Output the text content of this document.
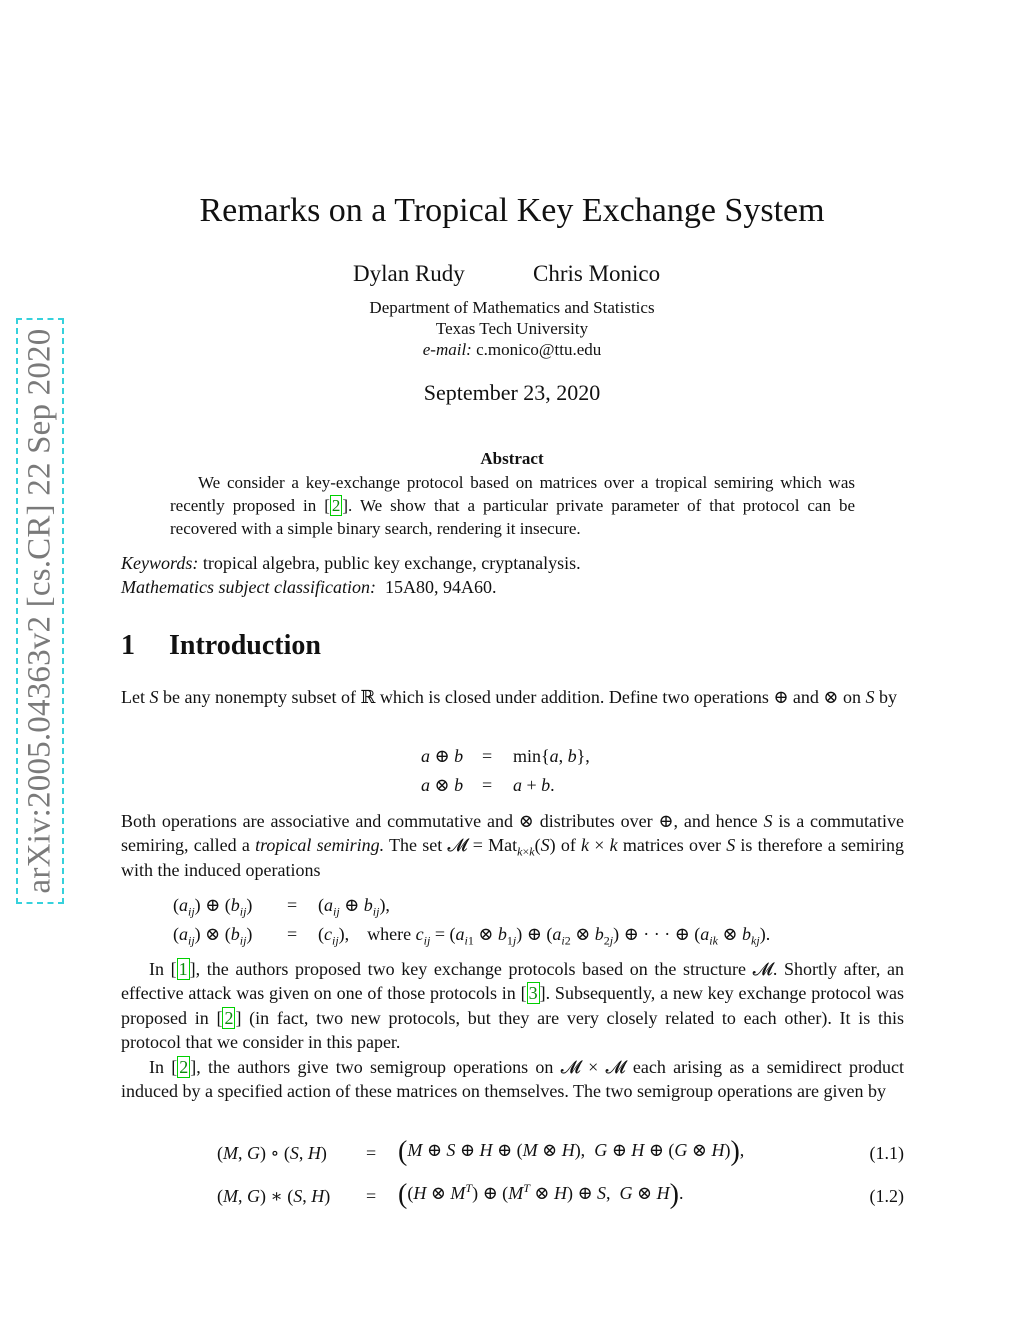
arXiv:2005.04363v2 [cs.CR] 22 Sep 2020
Remarks on a Tropical Key Exchange System
Dylan Rudy	Chris Monico
Department of Mathematics and Statistics
Texas Tech University
e-mail: c.monico@ttu.edu
September 23, 2020
Abstract

We consider a key-exchange protocol based on matrices over a tropical semiring which was recently proposed in [ 2 ]. We show that a particular private parameter of that protocol can be recovered with a simple binary search, rendering it insecure.

Keywords: tropical algebra, public key exchange, cryptanalysis.
Mathematics subject classification: 15A80, 94A60.
1 Introduction

Let S be any nonempty subset of ℝ which is closed under addition. Define two operations ⊕ and ⊗ on S by

a ⊕ b = min{a, b},
a ⊗ b = a + b.

Both operations are associative and commutative and ⊗ distributes over ⊕, and hence S is a commutative semiring, called a tropical semiring. The set 𝓜 = Mat$_{k\times k}$(S) of k × k matrices over S is therefore a semiring with the induced operations

$(a_{ij})$ ⊕ $(b_{ij}) = (a_{ij}$ ⊕ $b_{ij}$),
$(a_{ij})$ ⊗ $(b_{ij}) = (c_{ij})$,    where $c_{ij} = (a_{i1}$ ⊗ $b_{1j}$) ⊕ ($a_{i2}$ ⊗ $b_{2j}$) ⊕ · · · ⊕ ($a_{ik}$ ⊗ $b_{kj}$).

In [ 1 ], the authors proposed two key exchange protocols based on the structure 𝓜. Shortly after, an effective attack was given on one of those protocols in [ 3 ]. Subsequently, a new key exchange protocol was proposed in [ 2 ] (in fact, two new protocols, but they are very closely related to each other). It is this protocol that we consider in this paper.

In [ 2 ], the authors give two semigroup operations on 𝓜 × 𝓜 each arising as a semidirect product induced by a specified action of these matrices on themselves. The two semigroup operations are given by

(M, G) ∘ (S, H) = (M ⊕ S ⊕ H ⊕ (M ⊗ H),  G ⊕ H ⊕ (G ⊗ H)),	(1.1)
(M, G) ∗ (S, H) = ((H ⊗ $M^T$) ⊕ ($M^T$ ⊗ H) ⊕ S,  G ⊗ H).	(1.2)
